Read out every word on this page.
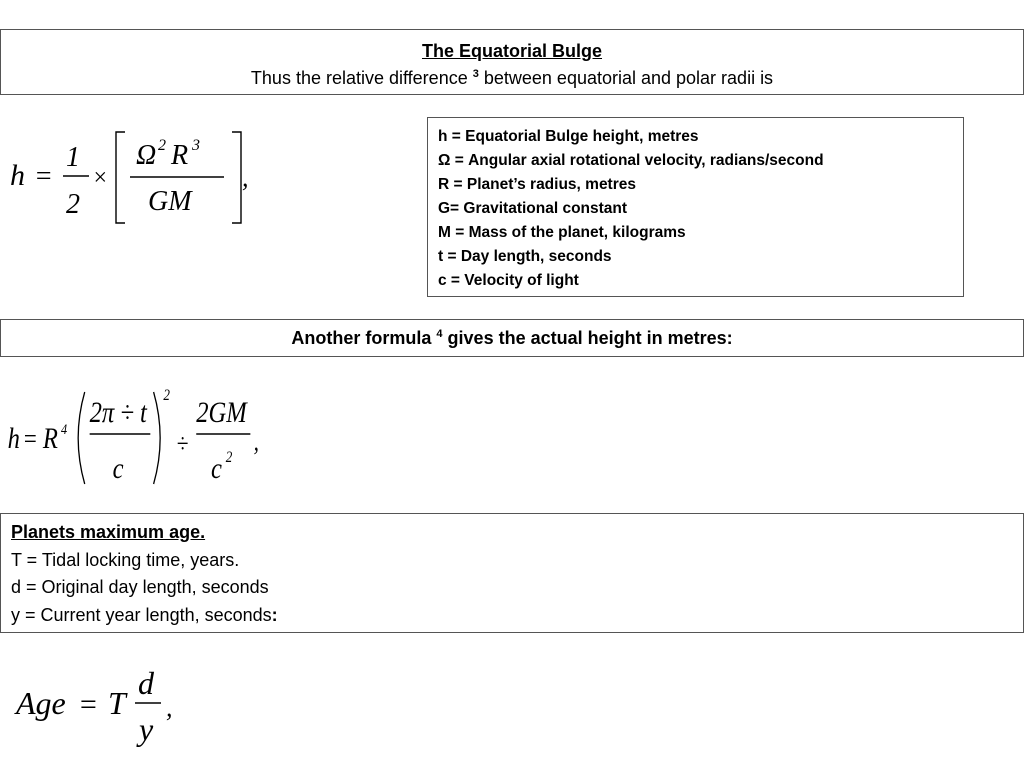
The Equatorial Bulge
Thus the relative difference $^3$ between equatorial and polar radii is
h =
1
2
×
Ω 2 R 3
GM
,
h = Equatorial Bulge height, metres
Ω = Angular axial rotational velocity, radians/second
R = Planet’s radius, metres
G= Gravitational constant
M = Mass of the planet, kilograms
t = Day length, seconds
c = Velocity of light
Another formula $^4$ gives the actual height in metres:
h = R 4
2π ÷ t
c
2
÷
2GM
c 2
,
Planets maximum age.
T = Tidal locking time, years.
d = Original day length, seconds
y = Current year length, seconds:
Age = T
d
y
,
